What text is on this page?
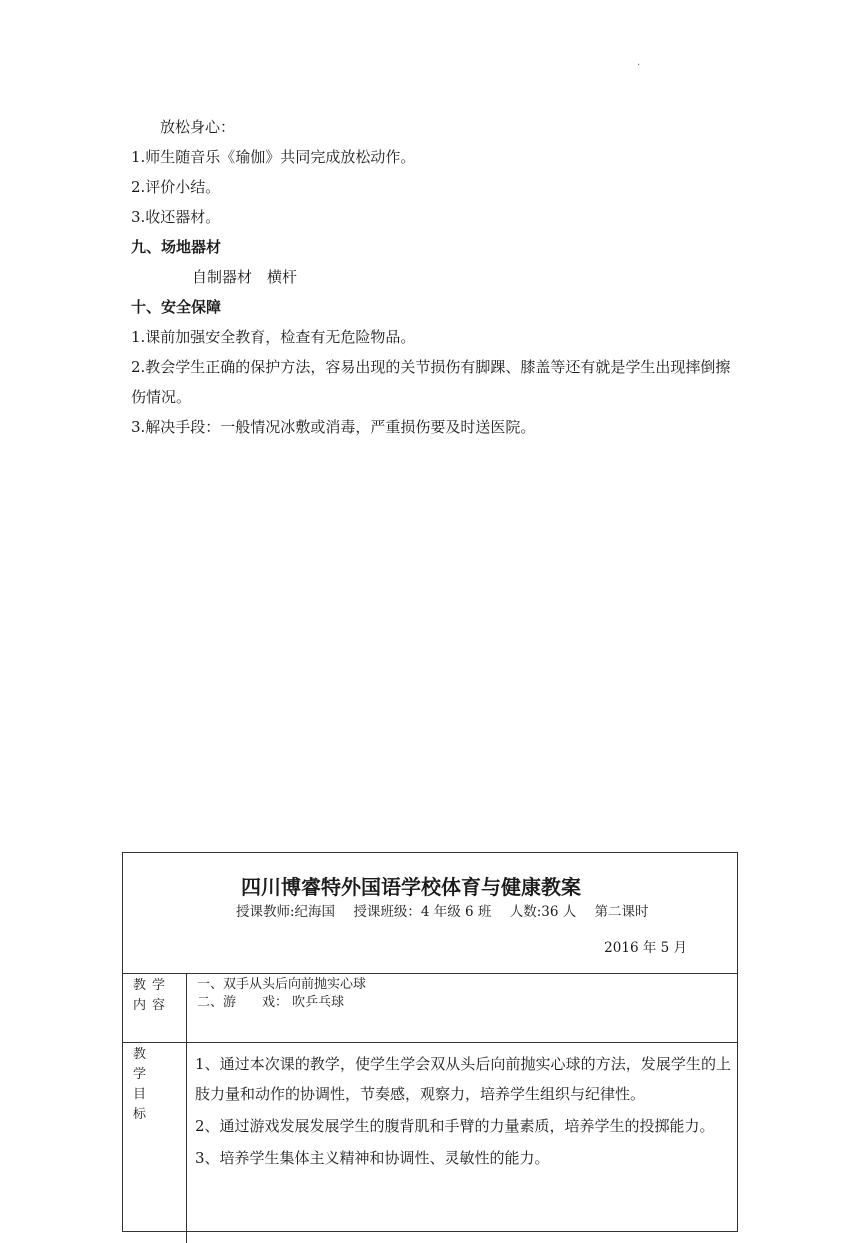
.
放松身心：
1.师生随音乐《瑜伽》共同完成放松动作。
2.评价小结。
3.收还器材。
九、场地器材
自制器材　横杆
十、安全保障
1.课前加强安全教育，检查有无危险物品。
2.教会学生正确的保护方法，容易出现的关节损伤有脚踝、膝盖等还有就是学生出现摔倒擦伤情况。
3.解决手段：一般情况冰敷或消毒，严重损伤要及时送医院。
四川博睿特外国语学校体育与健康教案
授课教师:纪海国 授课班级：4 年级 6 班 人数:36 人 第二课时
2016 年 5 月
教学内容
一、双手从头后向前抛实心球
二、游　　戏： 吹乒乓球
教学目标

1、通过本次课的教学，使学生学会双从头后向前抛实心球的方法，发展学生的上肢力量和动作的协调性，节奏感，观察力，培养学生组织与纪律性。

2、通过游戏发展发展学生的腹背肌和手臂的力量素质，培养学生的投掷能力。

3、培养学生集体主义精神和协调性、灵敏性的能力。
